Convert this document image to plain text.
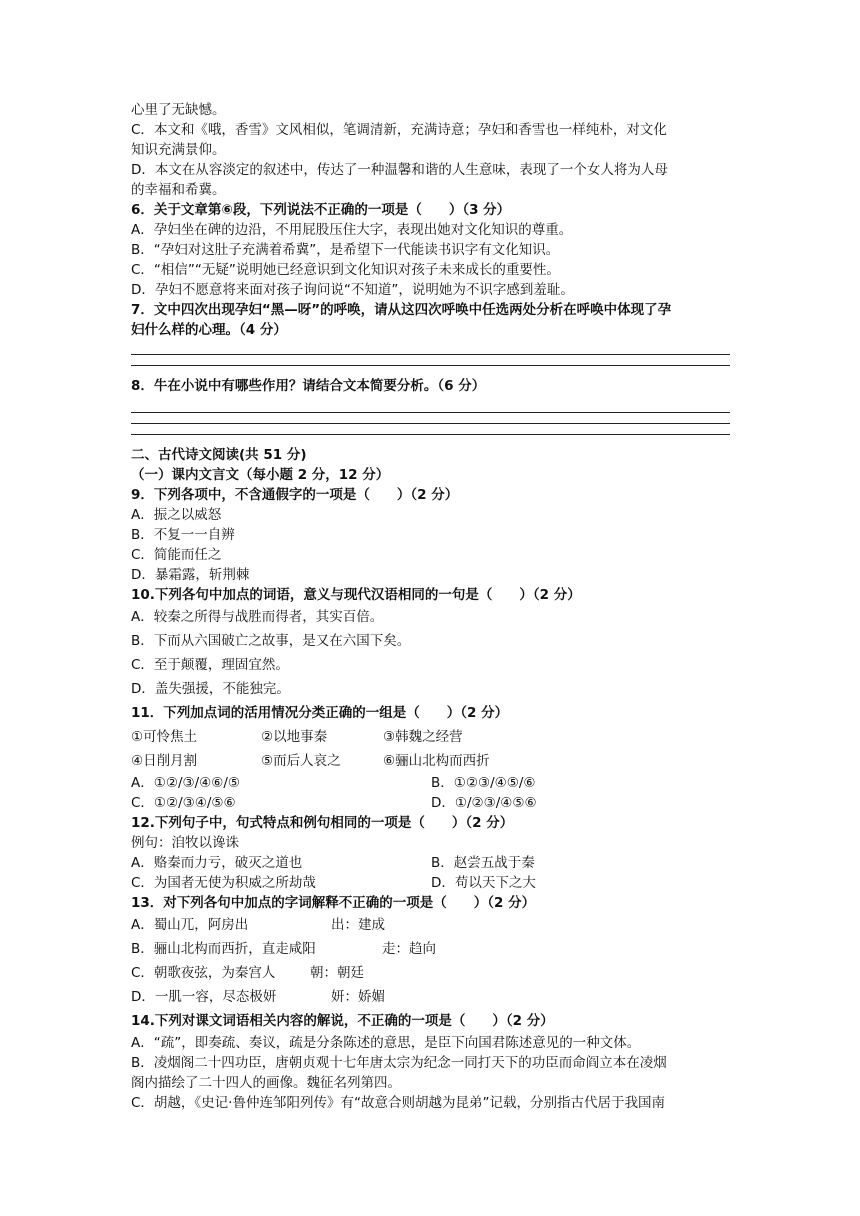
心里了无缺憾。
C．本文和《哦，香雪》文风相似，笔调清新，充满诗意；孕妇和香雪也一样纯朴，对文化
知识充满景仰。
D．本文在从容淡定的叙述中，传达了一种温馨和谐的人生意味，表现了一个女人将为人母
的幸福和希冀。
6．关于文章第⑥段，下列说法不正确的一项是（　　）（3 分）
A．孕妇坐在碑的边沿，不用屁股压住大字，表现出她对文化知识的尊重。
B．“孕妇对这肚子充满着希冀”，是希望下一代能读书识字有文化知识。
C．“相信”“无疑”说明她已经意识到文化知识对孩子未来成长的重要性。
D．孕妇不愿意将来面对孩子询问说“不知道”，说明她为不识字感到羞耻。
7．文中四次出现孕妇“黑—呀”的呼唤，请从这四次呼唤中任选两处分析在呼唤中体现了孕
妇什么样的心理。（4 分）
8．牛在小说中有哪些作用？请结合文本简要分析。（6 分）
二、古代诗文阅读(共 51 分)
（一）课内文言文（每小题 2 分，12 分）
9．下列各项中，不含通假字的一项是（　　）（2 分）
A．振之以威怒
B．不复一一自辨
C．简能而任之
D．暴霜露，斩荆棘
10.下列各句中加点的词语，意义与现代汉语相同的一句是（　　）（2 分）
A．较秦之所得与战胜而得者，其实百倍。
B．下而从六国破亡之故事，是又在六国下矣。
C．至于颠覆，理固宜然。
D．盖失强援，不能独完。
11．下列加点词的活用情况分类正确的一组是（　　）（2 分）
①可怜焦土	②以地事秦	③韩魏之经营
④日削月割	⑤而后人哀之	⑥骊山北构而西折
A．①②/③/④⑥/⑤	B．①②③/④⑤/⑥
C．①②/③④/⑤⑥	D．①/②③/④⑤⑥
12.下列句子中，句式特点和例句相同的一项是（　　）（2 分）
例句：洎牧以谗诛
A．赂秦而力亏，破灭之道也	B．赵尝五战于秦
C．为国者无使为积威之所劫哉	D．苟以天下之大
13．对下列各句中加点的字词解释不正确的一项是（　　）（2 分）
A．蜀山兀，阿房出	出：建成
B．骊山北构而西折，直走咸阳	走：趋向
C．朝歌夜弦，为秦宫人	朝：朝廷
D．一肌一容，尽态极妍	妍：娇媚
14.下列对课文词语相关内容的解说，不正确的一项是（　　）（2 分）
A．“疏”，即奏疏、奏议，疏是分条陈述的意思，是臣下向国君陈述意见的一种文体。
B．凌烟阁二十四功臣，唐朝贞观十七年唐太宗为纪念一同打天下的功臣而命阎立本在凌烟
阁内描绘了二十四人的画像。魏征名列第四。
C．胡越，《史记·鲁仲连邹阳列传》有“故意合则胡越为昆弟”记载，分别指古代居于我国南
